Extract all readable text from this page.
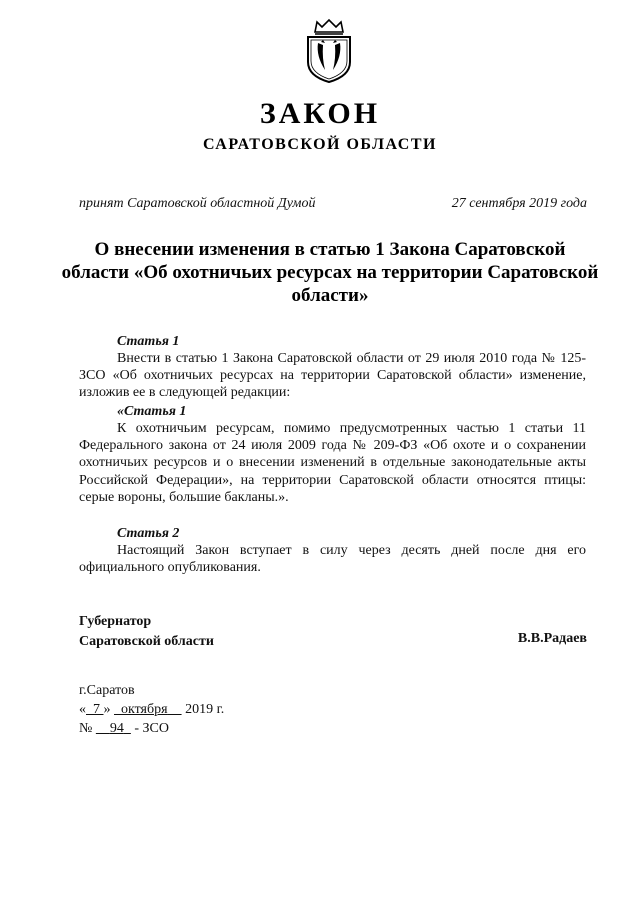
ЗАКОН
САРАТОВСКОЙ ОБЛАСТИ
принят Саратовской областной Думой	27 сентября 2019 года
О внесении изменения в статью 1 Закона Саратовской области «Об охотничьих ресурсах на территории Саратовской области»
Статья 1
Внести в статью 1 Закона Саратовской области от 29 июля 2010 года № 125-ЗСО «Об охотничьих ресурсах на территории Саратовской области» изменение, изложив ее в следующей редакции:
«Статья 1
К охотничьим ресурсам, помимо предусмотренных частью 1 статьи 11 Федерального закона от 24 июля 2009 года № 209-ФЗ «Об охоте и о сохранении охотничьих ресурсов и о внесении изменений в отдельные законодательные акты Российской Федерации», на территории Саратовской области относятся птицы: серые вороны, большие бакланы.».
Статья 2
Настоящий Закон вступает в силу через десять дней после дня его официального опубликования.
Губернатор
Саратовской области	В.В.Радаев
г.Саратов
« 7 » октября 2019 г.
№ 94 - ЗСО
